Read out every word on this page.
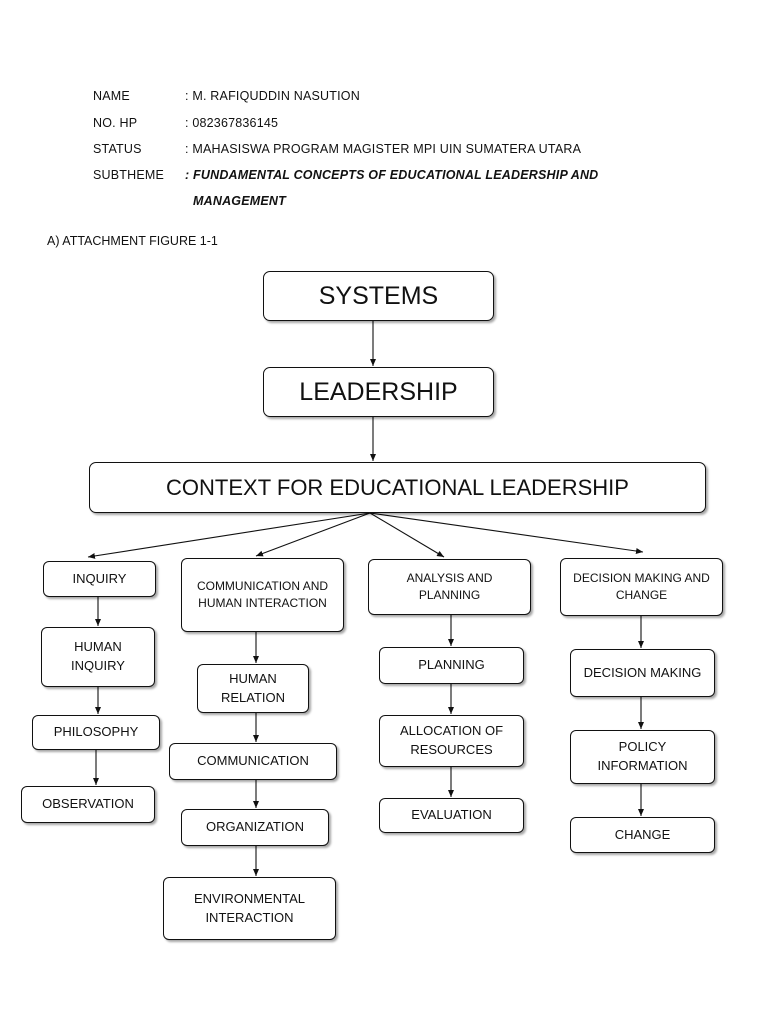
NAME	: M. RAFIQUDDIN NASUTION
NO. HP	: 082367836145
STATUS	: MAHASISWA PROGRAM MAGISTER MPI UIN SUMATERA UTARA
SUBTHEME	: FUNDAMENTAL CONCEPTS OF EDUCATIONAL LEADERSHIP AND
MANAGEMENT
A) ATTACHMENT FIGURE 1-1
SYSTEMS
LEADERSHIP
CONTEXT FOR EDUCATIONAL LEADERSHIP
INQUIRY
HUMAN INQUIRY
PHILOSOPHY
OBSERVATION
COMMUNICATION AND HUMAN INTERACTION
HUMAN RELATION
COMMUNICATION
ORGANIZATION
ENVIRONMENTAL INTERACTION
ANALYSIS AND PLANNING
PLANNING
ALLOCATION OF RESOURCES
EVALUATION
DECISION MAKING AND CHANGE
DECISION MAKING
POLICY INFORMATION
CHANGE
